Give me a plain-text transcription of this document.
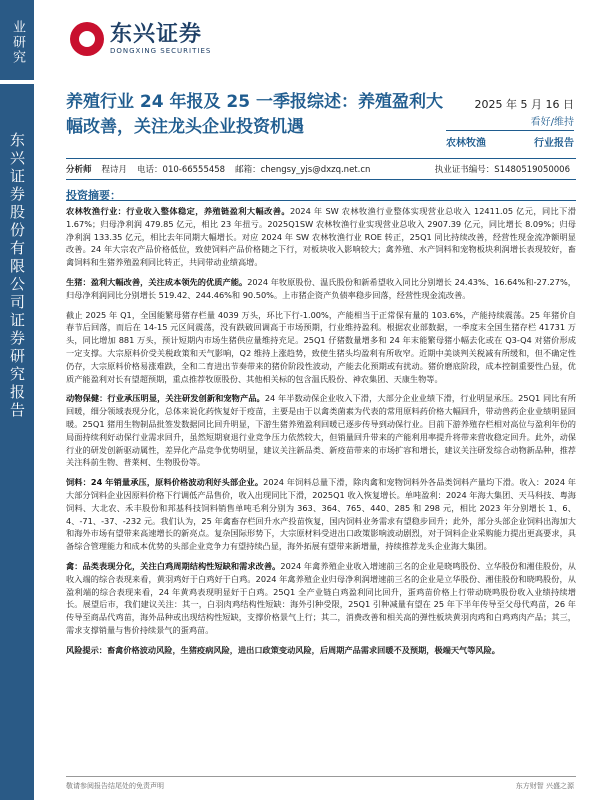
业研究
东兴证券股份有限公司证券研究报告
东兴证券
DONGXING SECURITIES
养殖行业 24 年报及 25 一季报综述：养殖盈利大幅改善，关注龙头企业投资机遇
2025 年 5 月 16 日
看好/维持
农林牧渔	行业报告
分析师 程诗月 电话：010-66555458 邮箱：chengsy_yjs@dxzq.net.cn	执业证书编号：S1480519050006
投资摘要：

农林牧渔行业：行业收入整体稳定，养殖链盈利大幅改善。2024 年 SW 农林牧渔行业整体实现营业总收入 12411.05 亿元，同比下滑 1.67%；归母净利润 479.85 亿元，相比 23 年扭亏。2025Q1SW 农林牧渔行业实现营业总收入 2907.39 亿元，同比增长 8.09%；归母净利润 133.35 亿元，相比去年同期大幅增长。对应 2024 年 SW 农林牧渔行业 ROE 转正，25Q1 同比持续改善，经营性现金流净额明显改善。24 年大宗农产品价格低位，致使饲料产品价格随之下行，对板块收入影响较大；禽养殖、水产饲料和宠物板块利润增长表现较好，畜禽饲料和生猪养殖盈利同比转正，共同带动业绩高增。

生猪：盈利大幅改善，关注成本领先的优质产能。2024 年牧原股份、温氏股份和新希望收入同比分别增长 24.43%、16.64%和-27.27%，归母净利润同比分别增长 519.42、244.46%和 90.50%。上市猪企资产负债率稳步回落，经营性现金流改善。

截止 2025 年 Q1，全国能繁母猪存栏量 4039 万头，环比下行-1.00%，产能相当于正常保有量的 103.6%，产能持续震荡。25 年猪价自春节后回落，而后在 14-15 元区间震荡，没有跌破回调高于市场预期，行业维持盈利。根据农业部数据，一季度末全国生猪存栏 41731 万头，同比增加 881 万头，预计短期内市场生猪供应量维持充足。25Q1 仔猪数量增多和 24 年末能繁母猪小幅去化或在 Q3-Q4 对猪价形成一定支撑。大宗原料价受关税政策和天气影响，Q2 维持上涨趋势，致使生猪头均盈利有所收窄。近期中美谈判关税减有所缓和，但不确定性仍存，大宗原料价格易涨难跌，全和二育进出节奏带来的猪价阶段性波动，产能去化预期或有扰动。猪价磨底阶段，成本控制重要性凸显，优质产能盈利对长有望超预期，重点推荐牧原股份、其他相关标的包含温氏股份、神农集团、天康生物等。

动物保健：行业承压明显，关注研发创新和宠物产品。24 年半数动保企业收入下滑，大部分企业业绩下滑，行业明显承压。25Q1 同比有所回暖，细分领域表现分化，总体来说化药恢复好于疫苗，主要是由于以禽类菌素为代表的常用原料药价格大幅回升，带动兽药企业业绩明显回暖。25Q1 猪用生物制品批签发数据同比回升明显，下游生猪养殖盈利回暖已逐步传导到动保行业。目前下游养殖存栏相对高位与盈利年份的局面持续利好动保行业需求回升，虽然短期衰退行业竞争压力依然较大，但销量回升带来的产能利用率提升将带来营收稳定回升。此外，动保行业的研发创新驱动属性，差异化产品竞争优势明显，建议关注新品类、新疫苗带来的市场扩容和增长，建议关注研发综合动物新品种，推荐关注科前生物、普莱柯、生物股份等。

饲料：24 年销量承压，原料价格波动利好头部企业。2024 年饲料总量下滑，除肉禽和宠物饲料外各品类饲料产量均下滑。收入：2024 年大部分饲料企业因原料价格下行调低产品售价，收入出现同比下滑，2025Q1 收入恢复增长。单吨盈利：2024 年海大集团、天马科技、粤海饲料、大北农、禾丰股份和邦基科技饲料销售单吨毛利分别为 363、364、765、440、285 和 298 元，相比 2023 年分别增长 1、6、4、-71、-37、-232 元。我们认为，25 年禽畜存栏回升水产投苗恢复，国内饲料业务需求有望稳步回升；此外，部分头部企业饲料出海加大和海外市场有望带来高速增长的新亮点。复杂国际形势下，大宗原材料受进出口政策影响波动剧烈，对于饲料企业采购能力提出更高要求，具备综合管理能力和成本优势的头部企业竞争力有望持续凸显，海外拓展有望带来新增量，持续推荐龙头企业海大集团。

禽：品类表现分化，关注白鸡周期结构性短缺和需求改善。2024 年禽养殖企业收入增速前三名的企业是晓鸣股份、立华股份和湘佳股份，从收入端的综合表现来看，黄羽鸡好于白鸡好于白鸡。2024 年禽养殖企业归母净利润增速前三名的企业是立华股份、湘佳股份和晓鸣股份，从盈利端的综合表现来看，24 年黄鸡表现明显好于白鸡。25Q1 全产业链白鸡盈利同比回升，蛋鸡苗价格上行带动晓鸣股份收入业绩持续增长。展望后市，我们建议关注：其一，白羽肉鸡结构性短缺：海外引种受限，25Q1 引种减量有望在 25 年下半年传导至父母代鸡苗，26 年传导至商品代鸡苗，海外品种或出现结构性短缺，支撑价格景气上行；其二，消费改善和相关高的弹性板块黄羽肉鸡和白鸡鸡肉产品；其三，需求支撑销量与售价持续景气的蛋鸡苗。

风险提示：畜禽价格波动风险，生猪疫病风险，进出口政策变动风险，后周期产品需求回暖不及预期，极端天气等风险。

敬请参阅报告结尾处的免责声明	东方财智 兴盛之源
